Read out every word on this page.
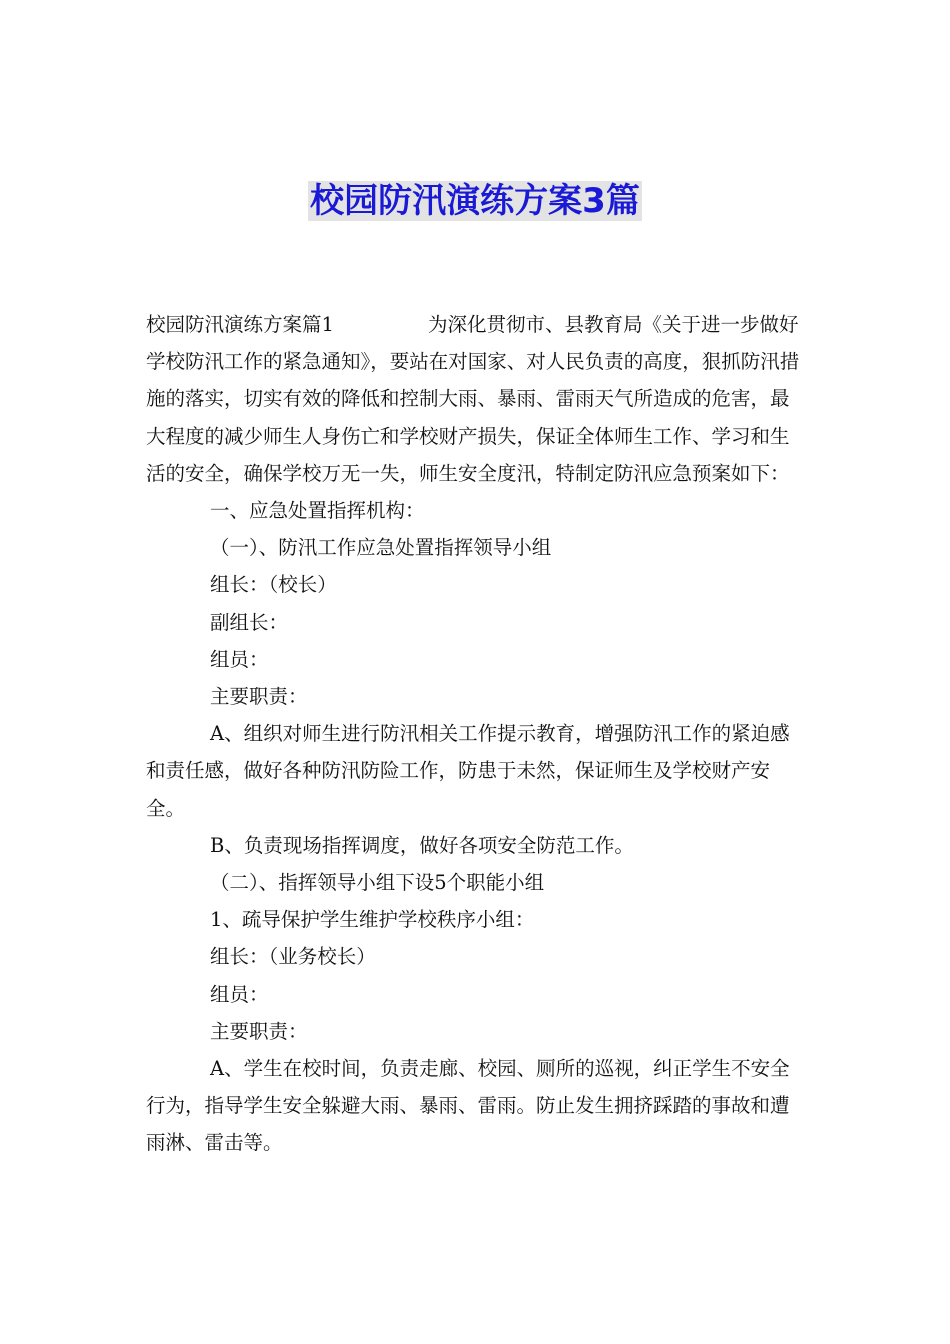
校园防汛演练方案3篇

校园防汛演练方案篇1	为深化贯彻市、县教育局《关于进一步做好学校防汛工作的紧急通知》，要站在对国家、对人民负责的高度，狠抓防汛措施的落实，切实有效的降低和控制大雨、暴雨、雷雨天气所造成的危害，最大程度的减少师生人身伤亡和学校财产损失，保证全体师生工作、学习和生活的安全，确保学校万无一失，师生安全度汛，特制定防汛应急预案如下：

一、应急处置指挥机构：

（一）、防汛工作应急处置指挥领导小组

组长：（校长）

副组长：

组员：

主要职责：

A、组织对师生进行防汛相关工作提示教育，增强防汛工作的紧迫感和责任感，做好各种防汛防险工作，防患于未然，保证师生及学校财产安全。

B、负责现场指挥调度，做好各项安全防范工作。

（二）、指挥领导小组下设5个职能小组

1、疏导保护学生维护学校秩序小组：

组长：（业务校长）

组员：

主要职责：

A、学生在校时间，负责走廊、校园、厕所的巡视，纠正学生不安全行为，指导学生安全躲避大雨、暴雨、雷雨。防止发生拥挤踩踏的事故和遭雨淋、雷击等。
